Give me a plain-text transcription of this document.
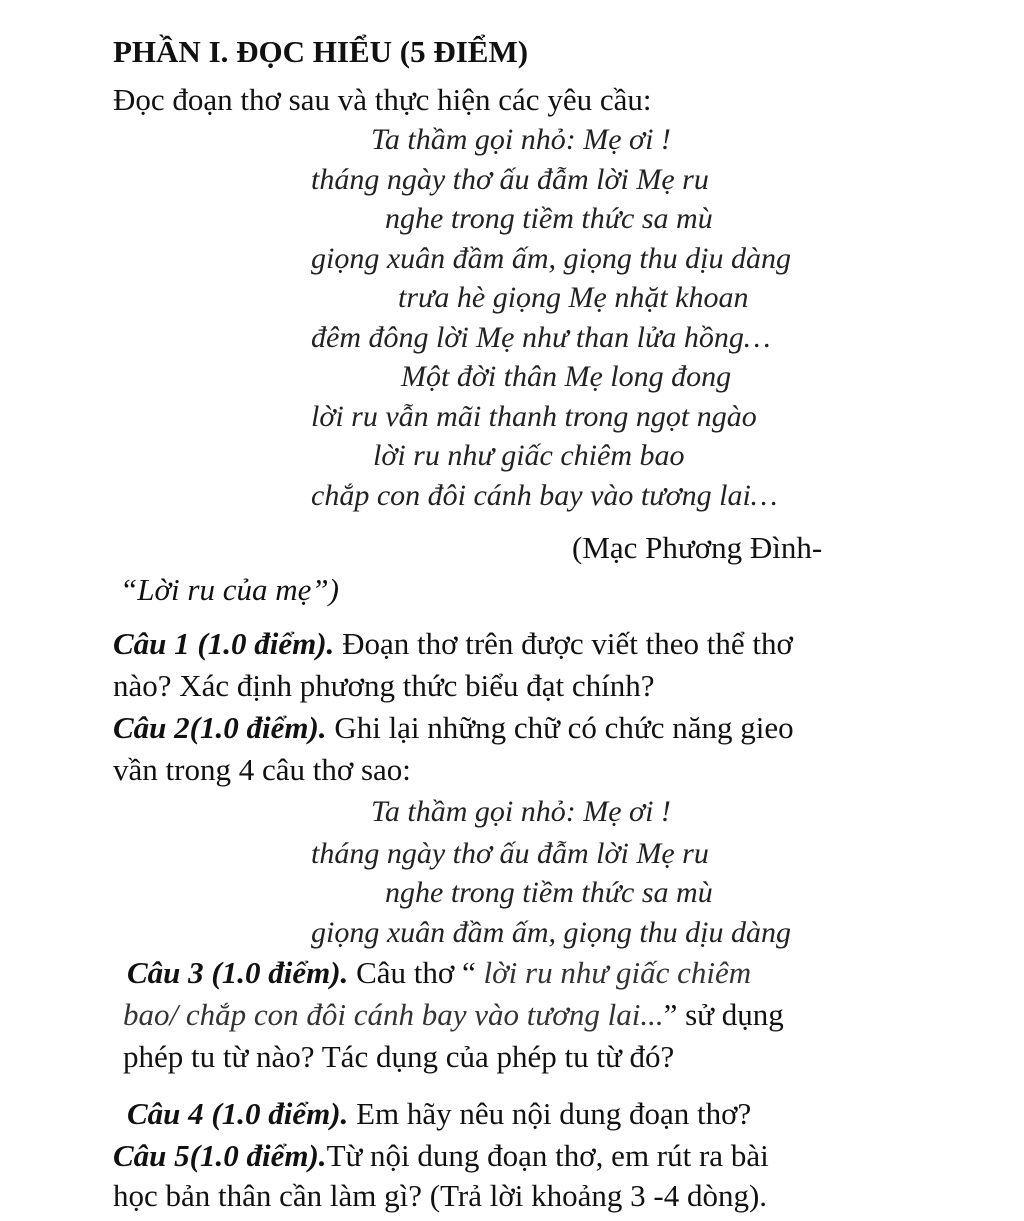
PHẦN I. ĐỌC HIỂU (5 ĐIỂM)
Đọc đoạn thơ sau và thực hiện các yêu cầu:
Ta thầm gọi nhỏ: Mẹ ơi !
tháng ngày thơ ấu đẫm lời Mẹ ru
nghe trong tiềm thức sa mù
giọng xuân đầm ấm, giọng thu dịu dàng
trưa hè giọng Mẹ nhặt khoan
đêm đông lời Mẹ như than lửa hồng…
Một đời thân Mẹ long đong
lời ru vẫn mãi thanh trong ngọt ngào
lời ru như giấc chiêm bao
chắp con đôi cánh bay vào tương lai…
(Mạc Phương Đình-
“Lời ru của mẹ”)
Câu 1 (1.0 điểm). Đoạn thơ trên được viết theo thể thơ
nào? Xác định phương thức biểu đạt chính?
Câu 2(1.0 điểm). Ghi lại những chữ có chức năng gieo
vần trong 4 câu thơ sao:
Ta thầm gọi nhỏ: Mẹ ơi !
tháng ngày thơ ấu đẫm lời Mẹ ru
nghe trong tiềm thức sa mù
giọng xuân đầm ấm, giọng thu dịu dàng
Câu 3 (1.0 điểm). Câu thơ “ lời ru như giấc chiêm
bao/ chắp con đôi cánh bay vào tương lai...” sử dụng
phép tu từ nào? Tác dụng của phép tu từ đó?
Câu 4 (1.0 điểm). Em hãy nêu nội dung đoạn thơ?
Câu 5(1.0 điểm).Từ nội dung đoạn thơ, em rút ra bài
học bản thân cần làm gì? (Trả lời khoảng 3 -4 dòng).
